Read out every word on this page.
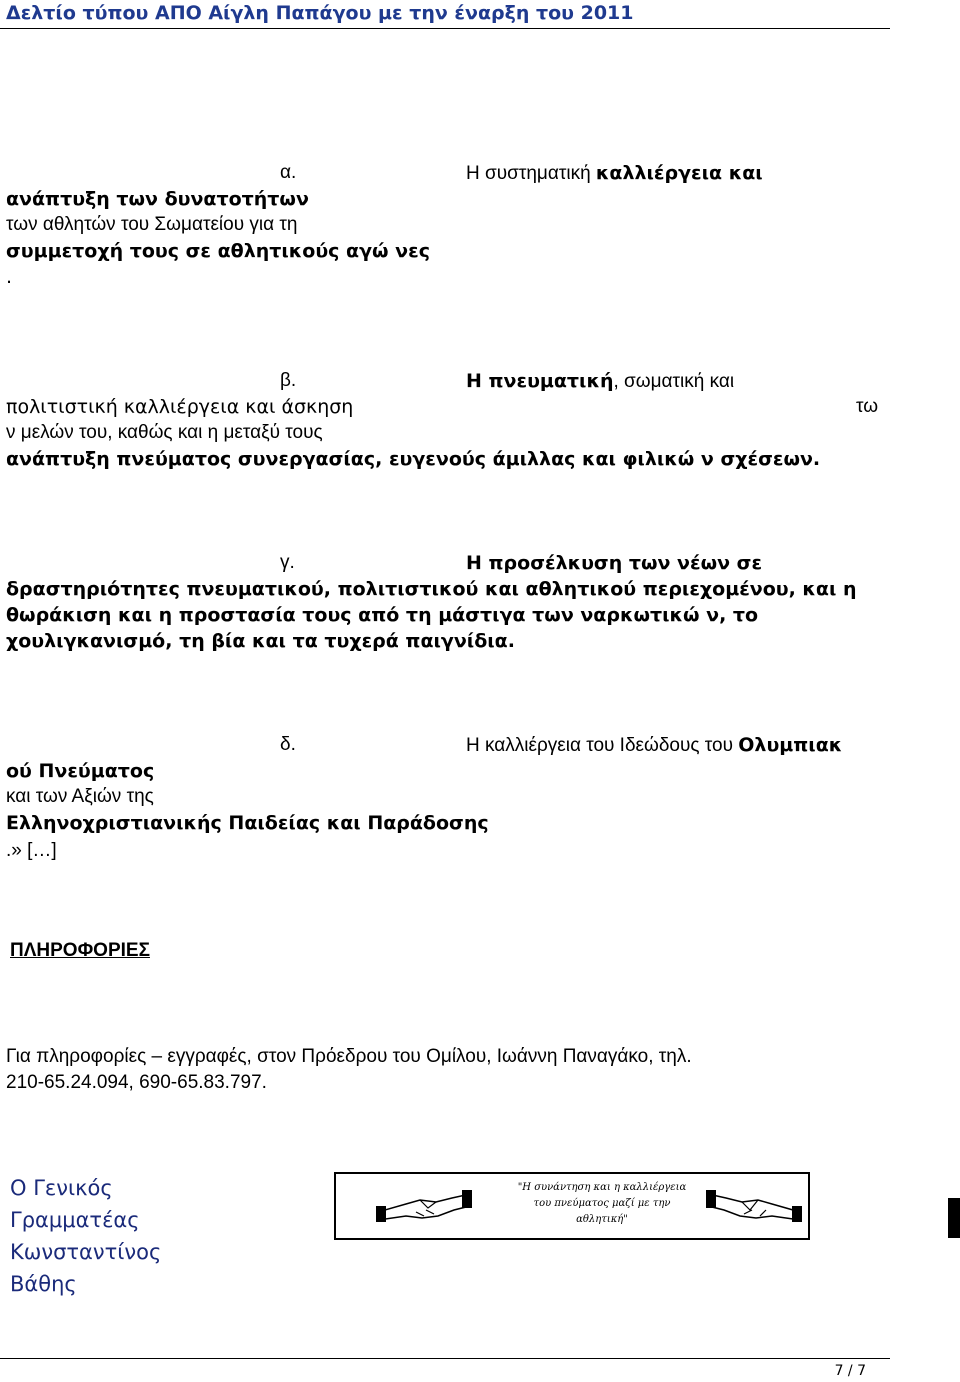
Δελτίο τύπου ΑΠΟ Αίγλη Παπάγου με την έναρξη του 2011
α.	Η συστηματική καλλιέργεια και
ανάπτυξη των δυνατοτήτων
των αθλητών του Σωματείου για τη
συμμετοχή τους σε αθλητικούς αγώ νες
.
β.	Η πνευματική, σωματική και
πολιτιστική καλλιέργεια και άσκηση	τω
ν μελών του, καθώς και η μεταξύ τους
ανάπτυξη πνεύματος συνεργασίας, ευγενούς άμιλλας και φιλικώ ν σχέσεων.
γ.	Η προσέλκυση των νέων σε
δραστηριότητες πνευματικού, πολιτιστικού και αθλητικού περιεχομένου, και η
θωράκιση και η προστασία τους από τη μάστιγα των ναρκωτικώ ν, το
χουλιγκανισμό, τη βία και τα τυχερά παιγνίδια.
δ.	Η καλλιέργεια του Ιδεώδους του Ολυμπιακ
ού Πνεύματος
και των Αξιών της
Ελληνοχριστιανικής Παιδείας και Παράδοσης
.» […]
ΠΛΗΡΟΦΟΡΙΕΣ
Για πληροφορίες – εγγραφές, στον Πρόεδρου του Ομίλου, Ιωάννη Παναγάκο, τηλ.
210-65.24.094, 690-65.83.797.
Ο Γενικός Γραμματέας
Κωνσταντίνος Βάθης
"Η συνάντηση και η καλλιέργεια
του πνεύματος μαζί με την αθλητική"
7 / 7
